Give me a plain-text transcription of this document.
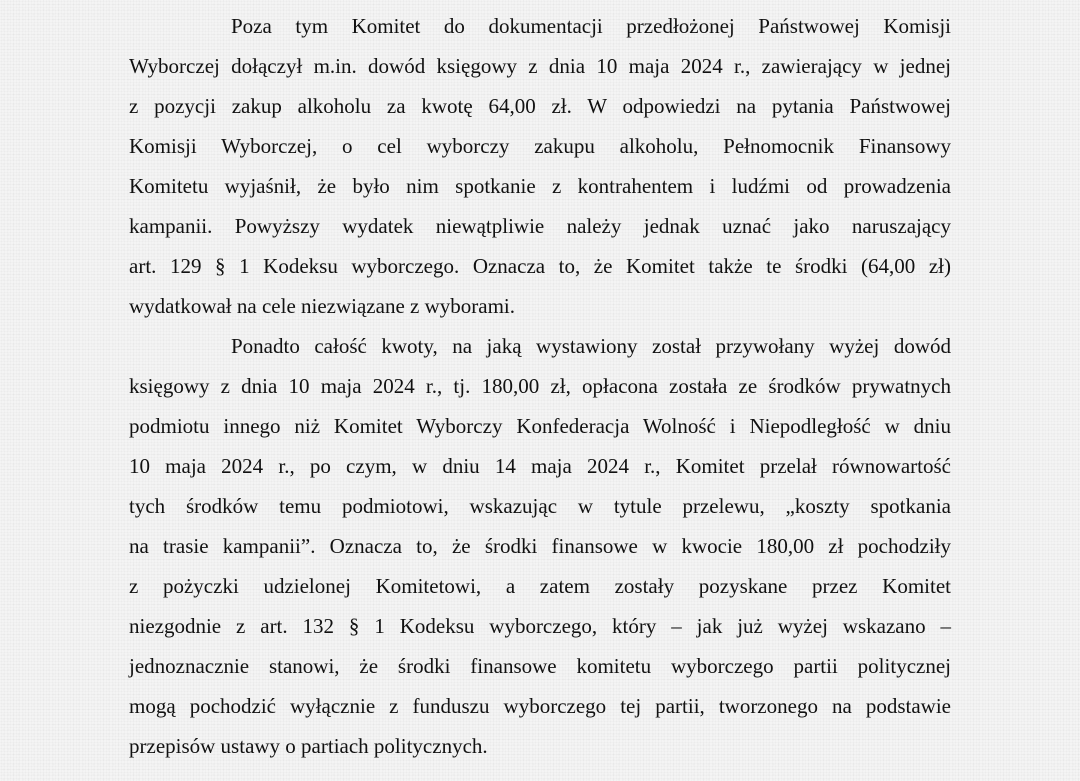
Poza tym Komitet do dokumentacji przedłożonej Państwowej Komisji
Wyborczej dołączył m.in. dowód księgowy z dnia 10 maja 2024 r., zawierający w jednej
z pozycji zakup alkoholu za kwotę 64,00 zł. W odpowiedzi na pytania Państwowej
Komisji Wyborczej, o cel wyborczy zakupu alkoholu, Pełnomocnik Finansowy
Komitetu wyjaśnił, że było nim spotkanie z kontrahentem i ludźmi od prowadzenia
kampanii. Powyższy wydatek niewątpliwie należy jednak uznać jako naruszający
art. 129 § 1 Kodeksu wyborczego. Oznacza to, że Komitet także te środki (64,00 zł)
wydatkował na cele niezwiązane z wyborami.
Ponadto całość kwoty, na jaką wystawiony został przywołany wyżej dowód
księgowy z dnia 10 maja 2024 r., tj. 180,00 zł, opłacona została ze środków prywatnych
podmiotu innego niż Komitet Wyborczy Konfederacja Wolność i Niepodległość w dniu
10 maja 2024 r., po czym, w dniu 14 maja 2024 r., Komitet przelał równowartość
tych środków temu podmiotowi, wskazując w tytule przelewu, „koszty spotkania
na trasie kampanii”. Oznacza to, że środki finansowe w kwocie 180,00 zł pochodziły
z pożyczki udzielonej Komitetowi, a zatem zostały pozyskane przez Komitet
niezgodnie z art. 132 § 1 Kodeksu wyborczego, który – jak już wyżej wskazano –
jednoznacznie stanowi, że środki finansowe komitetu wyborczego partii politycznej
mogą pochodzić wyłącznie z funduszu wyborczego tej partii, tworzonego na podstawie
przepisów ustawy o partiach politycznych.
